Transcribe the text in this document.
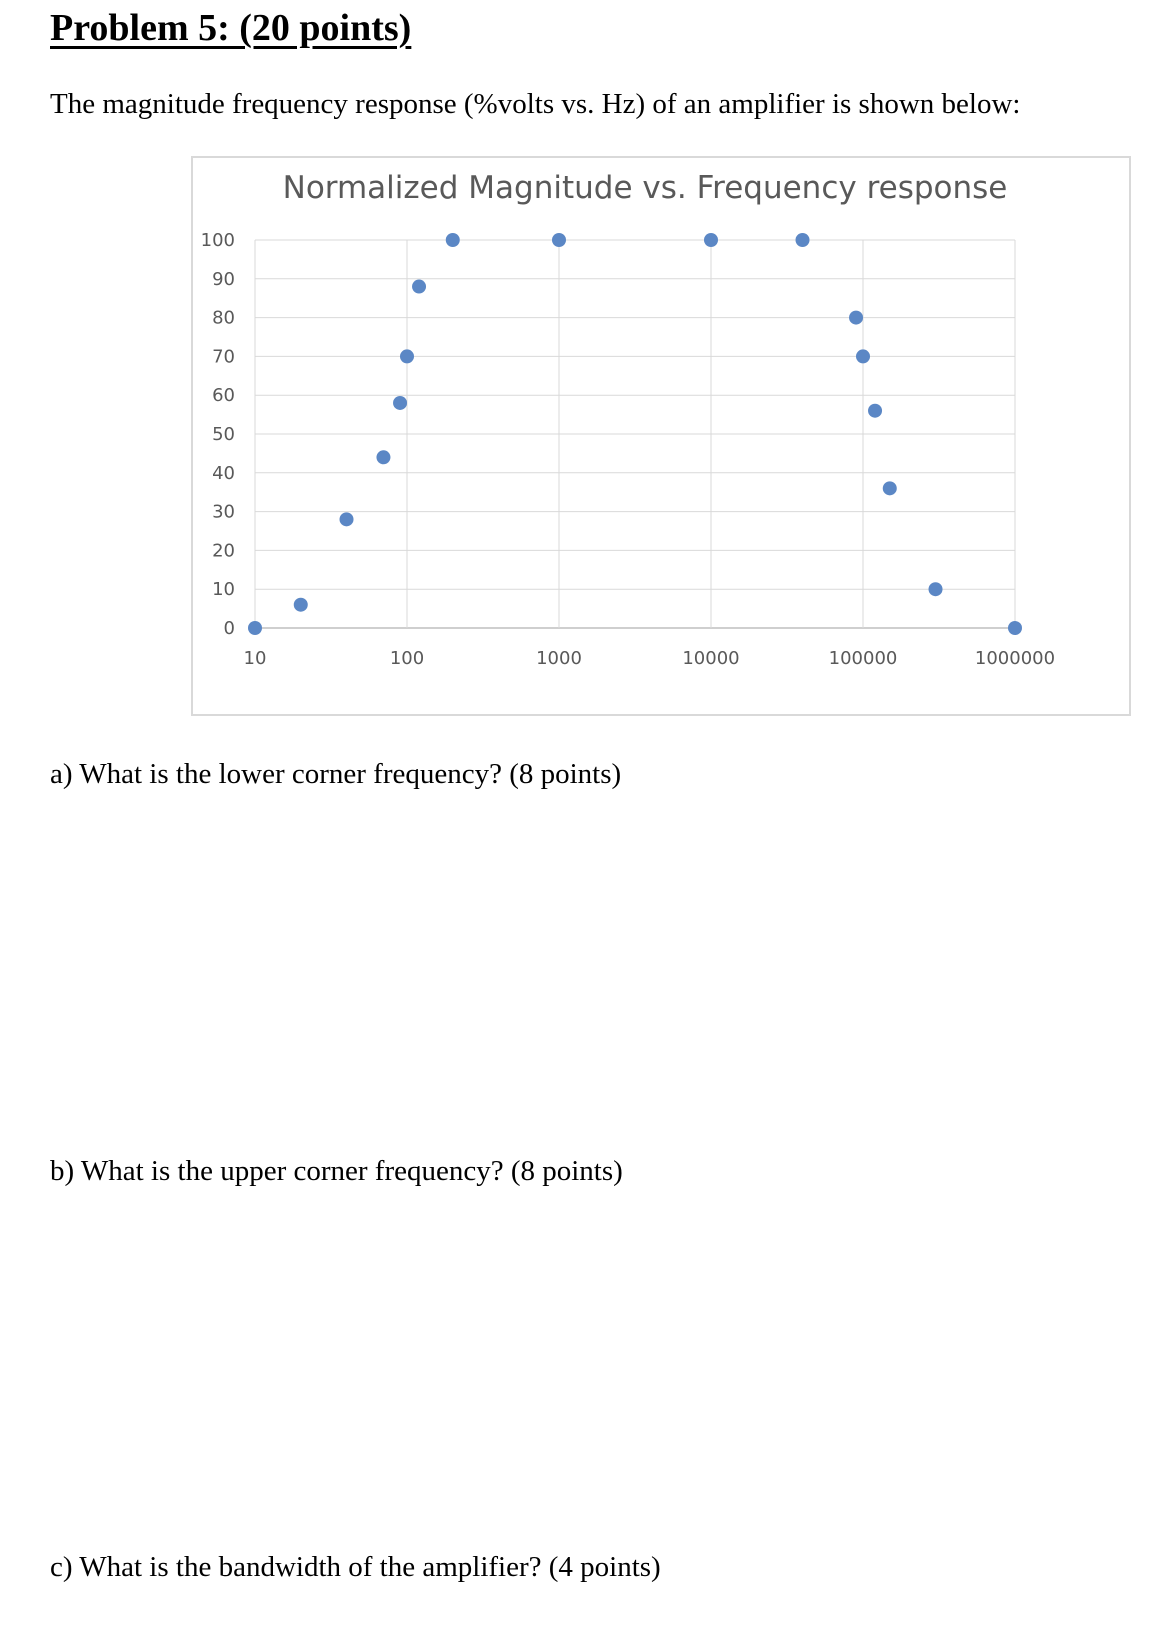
Problem 5: (20 points)
The magnitude frequency response (%volts vs. Hz) of an amplifier is shown below:
Normalized Magnitude vs. Frequency response
0
10
20
30
40
50
60
70
80
90
100
10	100	1000	10000	100000	1000000
a) What is the lower corner frequency? (8 points)
b) What is the upper corner frequency? (8 points)
c) What is the bandwidth of the amplifier? (4 points)
